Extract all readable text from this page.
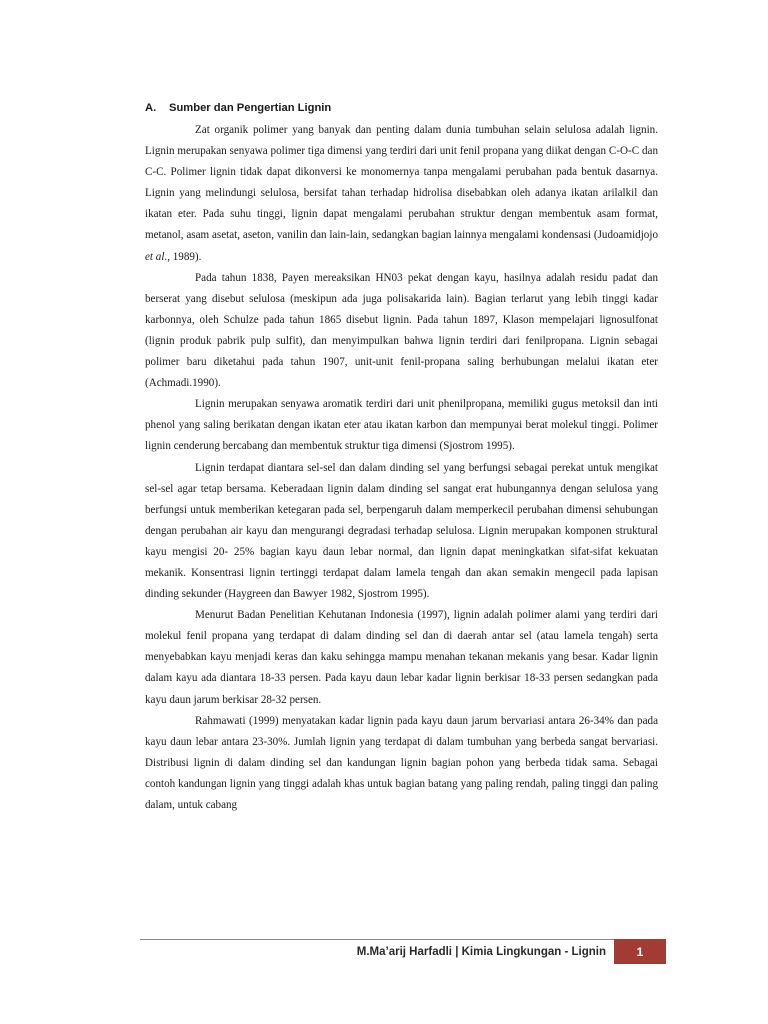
A. Sumber dan Pengertian Lignin

Zat organik polimer yang banyak dan penting dalam dunia tumbuhan selain selulosa adalah lignin. Lignin merupakan senyawa polimer tiga dimensi yang terdiri dari unit fenil propana yang diikat dengan C-O-C dan C-C. Polimer lignin tidak dapat dikonversi ke monomernya tanpa mengalami perubahan pada bentuk dasarnya. Lignin yang melindungi selulosa, bersifat tahan terhadap hidrolisa disebabkan oleh adanya ikatan arilalkil dan ikatan eter. Pada suhu tinggi, lignin dapat mengalami perubahan struktur dengan membentuk asam format, metanol, asam asetat, aseton, vanilin dan lain-lain, sedangkan bagian lainnya mengalami kondensasi (Judoamidjojo et al., 1989).

Pada tahun 1838, Payen mereaksikan HN03 pekat dengan kayu, hasilnya adalah residu padat dan berserat yang disebut selulosa (meskipun ada juga polisakarida lain). Bagian terlarut yang lebih tinggi kadar karbonnya, oleh Schulze pada tahun 1865 disebut lignin. Pada tahun 1897, Klason mempelajari lignosulfonat (lignin produk pabrik pulp sulfit), dan menyimpulkan bahwa lignin terdiri dari fenilpropana. Lignin sebagai polimer baru diketahui pada tahun 1907, unit-unit fenil-propana saling berhubungan melalui ikatan eter (Achmadi.1990).

Lignin merupakan senyawa aromatik terdiri dari unit phenilpropana, memiliki gugus metoksil dan inti phenol yang saling berikatan dengan ikatan eter atau ikatan karbon dan mempunyai berat molekul tinggi. Polimer lignin cenderung bercabang dan membentuk struktur tiga dimensi (Sjostrom 1995).

Lignin terdapat diantara sel-sel dan dalam dinding sel yang berfungsi sebagai perekat untuk mengikat sel-sel agar tetap bersama. Keberadaan lignin dalam dinding sel sangat erat hubungannya dengan selulosa yang berfungsi untuk memberikan ketegaran pada sel, berpengaruh dalam memperkecil perubahan dimensi sehubungan dengan perubahan air kayu dan mengurangi degradasi terhadap selulosa. Lignin merupakan komponen struktural kayu mengisi 20- 25% bagian kayu daun lebar normal, dan lignin dapat meningkatkan sifat-sifat kekuatan mekanik. Konsentrasi lignin tertinggi terdapat dalam lamela tengah dan akan semakin mengecil pada lapisan dinding sekunder (Haygreen dan Bawyer 1982, Sjostrom 1995).

Menurut Badan Penelitian Kehutanan Indonesia (1997), lignin adalah polimer alami yang terdiri dari molekul fenil propana yang terdapat di dalam dinding sel dan di daerah antar sel (atau lamela tengah) serta menyebabkan kayu menjadi keras dan kaku sehingga mampu menahan tekanan mekanis yang besar. Kadar lignin dalam kayu ada diantara 18-33 persen. Pada kayu daun lebar kadar lignin berkisar 18-33 persen sedangkan pada kayu daun jarum berkisar 28-32 persen.

Rahmawati (1999) menyatakan kadar lignin pada kayu daun jarum bervariasi antara 26-34% dan pada kayu daun lebar antara 23-30%. Jumlah lignin yang terdapat di dalam tumbuhan yang berbeda sangat bervariasi. Distribusi lignin di dalam dinding sel dan kandungan lignin bagian pohon yang berbeda tidak sama. Sebagai contoh kandungan lignin yang tinggi adalah khas untuk bagian batang yang paling rendah, paling tinggi dan paling dalam, untuk cabang

M.Ma’arij Harfadli | Kimia Lingkungan - Lignin	1
